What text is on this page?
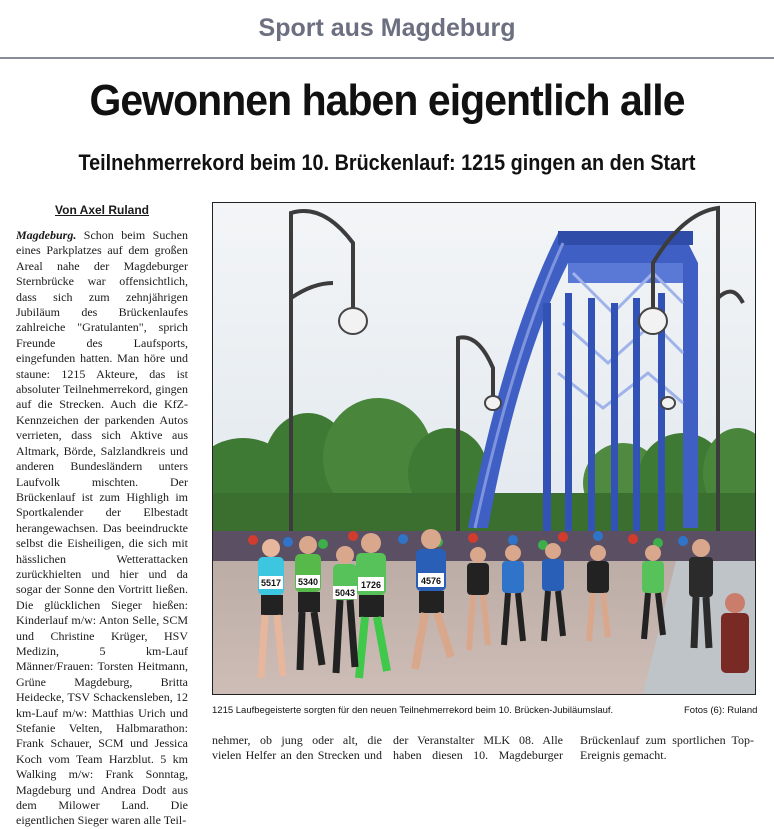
Sport aus Magdeburg
Gewonnen haben eigentlich alle
Teilnehmerrekord beim 10. Brückenlauf: 1215 gingen an den Start
Von Axel Ruland
Magdeburg. Schon beim Suchen eines Parkplatzes auf dem großen Areal nahe der Magdeburger Sternbrücke war offensichtlich, dass sich zum zehnjährigen Jubiläum des Brückenlaufes zahlreiche "Gratulanten", sprich Freunde des Laufsports, eingefunden hatten. Man höre und staune: 1215 Akteure, das ist absoluter Teilnehmerrekord, gingen auf die Strecken. Auch die KfZ-Kennzeichen der parkenden Autos verrieten, dass sich Aktive aus Altmark, Börde, Salzlandkreis und anderen Bundesländern unters Laufvolk mischten. Der Brückenlauf ist zum Highligh im Sportkalender der Elbestadt herangewachsen. Das beeindruckte selbst die Eisheiligen, die sich mit hässlichen Wetterattacken zurückhielten und hier und da sogar der Sonne den Vortritt ließen. Die glücklichen Sieger hießen: Kinderlauf m/w: Anton Selle, SCM und Christine Krüger, HSV Medizin, 5 km-Lauf Männer/Frauen: Torsten Heitmann, Grüne Magdeburg, Britta Heidecke, TSV Schackensleben, 12 km-Lauf m/w: Matthias Urich und Stefanie Velten, Halbmarathon: Frank Schauer, SCM und Jessica Koch vom Team Harzblut. 5 km Walking m/w: Frank Sonntag, Magdeburg und Andrea Dodt aus dem Milower Land. Die eigentlichen Sieger waren alle Teil-
5517 5340	1726	4576
5043
1215 Laufbegeisterte sorgten für den neuen Teilnehmerrekord beim 10. Brücken-Jubiläumslauf.	Fotos (6): Ruland
nehmer, ob jung oder alt, die vielen Helfer an den Strecken und
der Veranstalter MLK 08. Alle haben diesen 10. Magdeburger
Brückenlauf zum sportlichen Top-Ereignis gemacht.
